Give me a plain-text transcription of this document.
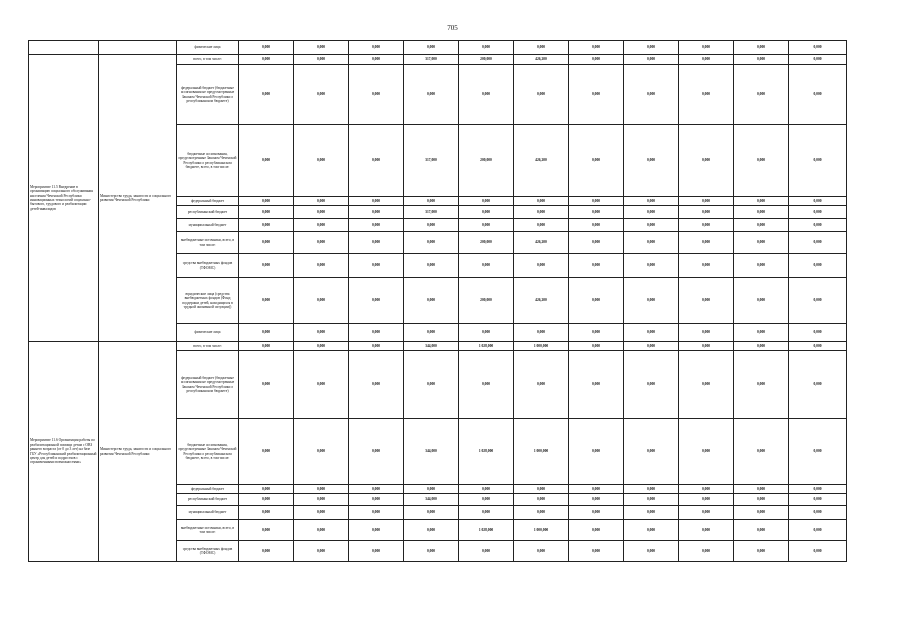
705
		физические лица	0,000	0,000	0,000	0,000	0,000	0,000	0,000	0,000	0,000	0,000	0,000
Мероприятие 11.5 Внедрение в организацию социального обслуживания населения Чеченской Республики инновационных технологий социально-бытового, трудового и реабилитации детей-инвалидов	Министерство труда, занятости и социального развития Чеченской Республики	всего, в том числе:	0,000	0,000	0,000	317,000	200,000	426,200	0,000	0,000	0,000	0,000	0,000
		федеральный бюджет (бюджетные ассигнования не предусмотренные Законом Чеченской Республики о республиканском бюджете)	0,000	0,000	0,000	0,000	0,000	0,000	0,000	0,000	0,000	0,000	0,000
		бюджетные ассигнования, предусмотренные Законом Чеченской Республики о республиканском бюджете, всего, в том числе:	0,000	0,000	0,000	317,000	200,000	426,200	0,000	0,000	0,000	0,000	0,000
		федеральный бюджет	0,000	0,000	0,000	0,000	0,000	0,000	0,000	0,000	0,000	0,000	0,000
		республиканский бюджет	0,000	0,000	0,000	317,000	0,000	0,000	0,000	0,000	0,000	0,000	0,000
		муниципальный бюджет	0,000	0,000	0,000	0,000	0,000	0,000	0,000	0,000	0,000	0,000	0,000
		внебюджетные источники, всего, в том числе:	0,000	0,000	0,000	0,000	200,000	426,200	0,000	0,000	0,000	0,000	0,000
		средства внебюджетных фондов (ТФОМС)	0,000	0,000	0,000	0,000	0,000	0,000	0,000	0,000	0,000	0,000	0,000
		юридические лица (средства внебюджетных фондов (Фонд поддержки детей, находящихся в трудной жизненной ситуации))	0,000	0,000	0,000	0,000	200,000	426,200	0,000	0,000	0,000	0,000	0,000
		физические лица	0,000	0,000	0,000	0,000	0,000	0,000	0,000	0,000	0,000	0,000	0,000
Мероприятие 11.6 Организация работы по реабилитационной помощи детям с ОВЗ раннего возраста (от 0 до 3 лет) на базе ГБУ «Республиканский реабилитационный центр для детей и подростков с ограниченными возможностями»	Министерство труда, занятости и социального развития Чеченской Республики	всего, в том числе:	0,000	0,000	0,000	344,000	1 028,000	1 000,000	0,000	0,000	0,000	0,000	0,000
		федеральный бюджет (бюджетные ассигнования не предусмотренные Законом Чеченской Республики о республиканском бюджете)	0,000	0,000	0,000	0,000	0,000	0,000	0,000	0,000	0,000	0,000	0,000
		бюджетные ассигнования, предусмотренные Законом Чеченской Республики о республиканском бюджете, всего, в том числе:	0,000	0,000	0,000	344,000	1 028,000	1 000,000	0,000	0,000	0,000	0,000	0,000
		федеральный бюджет	0,000	0,000	0,000	0,000	0,000	0,000	0,000	0,000	0,000	0,000	0,000
		республиканский бюджет	0,000	0,000	0,000	344,000	0,000	0,000	0,000	0,000	0,000	0,000	0,000
		муниципальный бюджет	0,000	0,000	0,000	0,000	0,000	0,000	0,000	0,000	0,000	0,000	0,000
		внебюджетные источники, всего, в том числе:	0,000	0,000	0,000	0,000	1 028,000	1 000,000	0,000	0,000	0,000	0,000	0,000
		средства внебюджетных фондов (ТФОМС)	0,000	0,000	0,000	0,000	0,000	0,000	0,000	0,000	0,000	0,000	0,000
